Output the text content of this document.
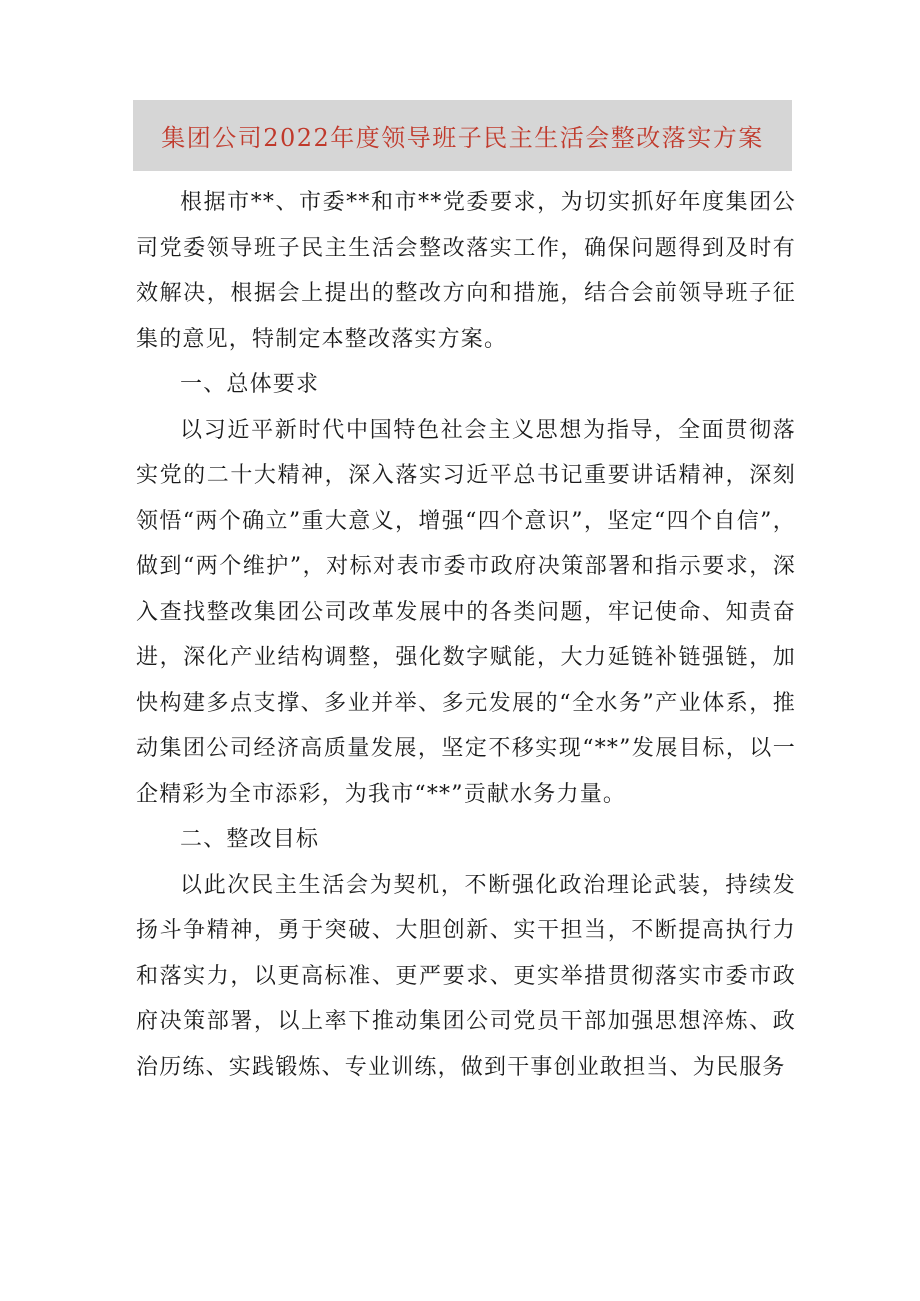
集团公司2022年度领导班子民主生活会整改落实方案

根据市**、市委**和市**党委要求，为切实抓好年度集团公司党委领导班子民主生活会整改落实工作，确保问题得到及时有效解决，根据会上提出的整改方向和措施，结合会前领导班子征集的意见，特制定本整改落实方案。

一、总体要求

以习近平新时代中国特色社会主义思想为指导，全面贯彻落实党的二十大精神，深入落实习近平总书记重要讲话精神，深刻领悟“两个确立”重大意义，增强“四个意识”，坚定“四个自信”，做到“两个维护”，对标对表市委市政府决策部署和指示要求，深入查找整改集团公司改革发展中的各类问题，牢记使命、知责奋进，深化产业结构调整，强化数字赋能，大力延链补链强链，加快构建多点支撑、多业并举、多元发展的“全水务”产业体系，推动集团公司经济高质量发展，坚定不移实现“**”发展目标，以一企精彩为全市添彩，为我市“**”贡献水务力量。

二、整改目标

以此次民主生活会为契机，不断强化政治理论武装，持续发扬斗争精神，勇于突破、大胆创新、实干担当，不断提高执行力和落实力，以更高标准、更严要求、更实举措贯彻落实市委市政府决策部署，以上率下推动集团公司党员干部加强思想淬炼、政治历练、实践锻炼、专业训练，做到干事创业敢担当、为民服务
